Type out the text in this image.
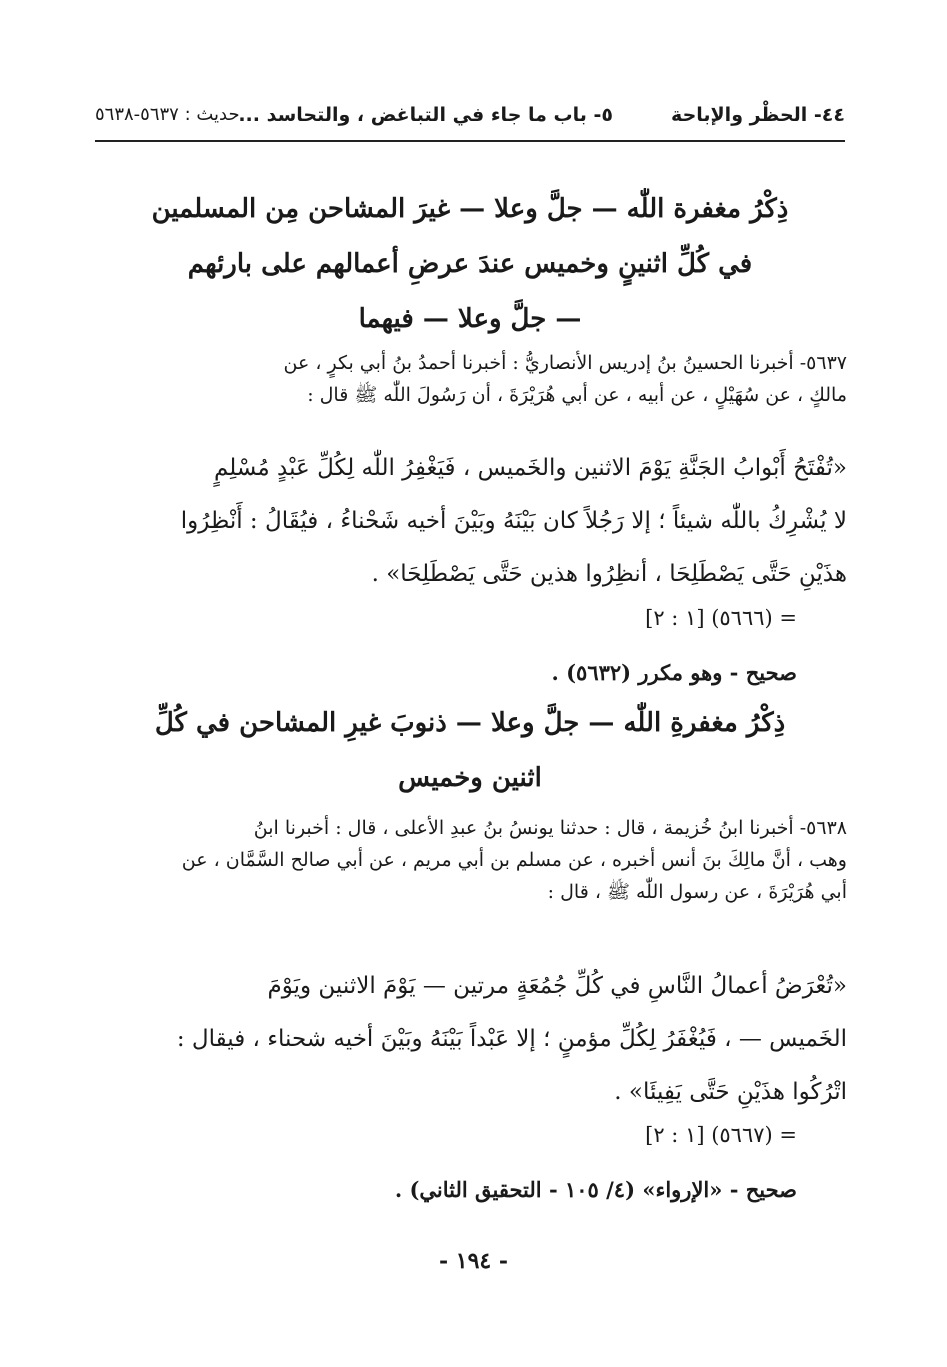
٤٤- الحظْر والإباحة
٥- باب ما جاء في التباغض ، والتحاسد ...
حديث : ٥٦٣٧-٥٦٣٨
ذِكْرُ مغفرة اللّٰه — جلَّ وعلا — غيرَ المشاحن مِن المسلمين
في كُلِّ اثنينٍ وخميس عندَ عرضِ أعمالهم على بارئهم
— جلَّ وعلا — فيهما

٥٦٣٧- أخبرنا الحسينُ بنُ إدريس الأنصاريُّ : أخبرنا أحمدُ بنُ أبي بكرٍ ، عن

مالكٍ ، عن سُهَيْلٍ ، عن أبيه ، عن أبي هُرَيْرَةَ ، أن رَسُولَ اللّٰه ﷺ قال :

«تُفْتَحُ أَبْوابُ الجَنَّةِ يَوْمَ الاثنين والخَميس ، فَيَغْفِرُ اللّٰه لِكُلِّ عَبْدٍ مُسْلِمٍ

لا يُشْرِكُ باللّٰه شيئاً ؛ إلا رَجُلاً كان بَيْنَهُ وبَيْنَ أخيه شَحْناءُ ، فيُقَالُ : أَنْظِرُوا

هذَيْنِ حَتَّى يَصْطَلِحَا ، أنظِرُوا هذين حَتَّى يَصْطَلِحَا» .

= (٥٦٦٦) [١ : ٢]
صحيح - وهو مكرر (٥٦٣٢) .
ذِكْرُ مغفرةِ اللّٰه — جلَّ وعلا — ذنوبَ غيرِ المشاحن في كُلِّ
اثنين وخميس

٥٦٣٨- أخبرنا ابنُ خُزيمة ، قال : حدثنا يونسُ بنُ عبدِ الأعلى ، قال : أخبرنا ابنُ

وهب ، أنَّ مالِكَ بنَ أنس أخبره ، عن مسلم بن أبي مريم ، عن أبي صالح السَّمَّان ، عن

أبي هُرَيْرَةَ ، عن رسول اللّٰه ﷺ ، قال :

«تُعْرَضُ أعمالُ النَّاسِ في كُلِّ جُمُعَةٍ مرتين — يَوْمَ الاثنين ويَوْمَ

الخَميس — ، فَيُغْفَرُ لِكُلِّ مؤمنٍ ؛ إلا عَبْداً بَيْنَهُ وبَيْنَ أخيه شحناء ، فيقال :

اتْرُكُوا هذَيْنِ حَتَّى يَفِيئَا» .

= (٥٦٦٧) [١ : ٢]
صحيح - «الإرواء» (٤/ ١٠٥ - التحقيق الثاني) .
- ١٩٤ -
